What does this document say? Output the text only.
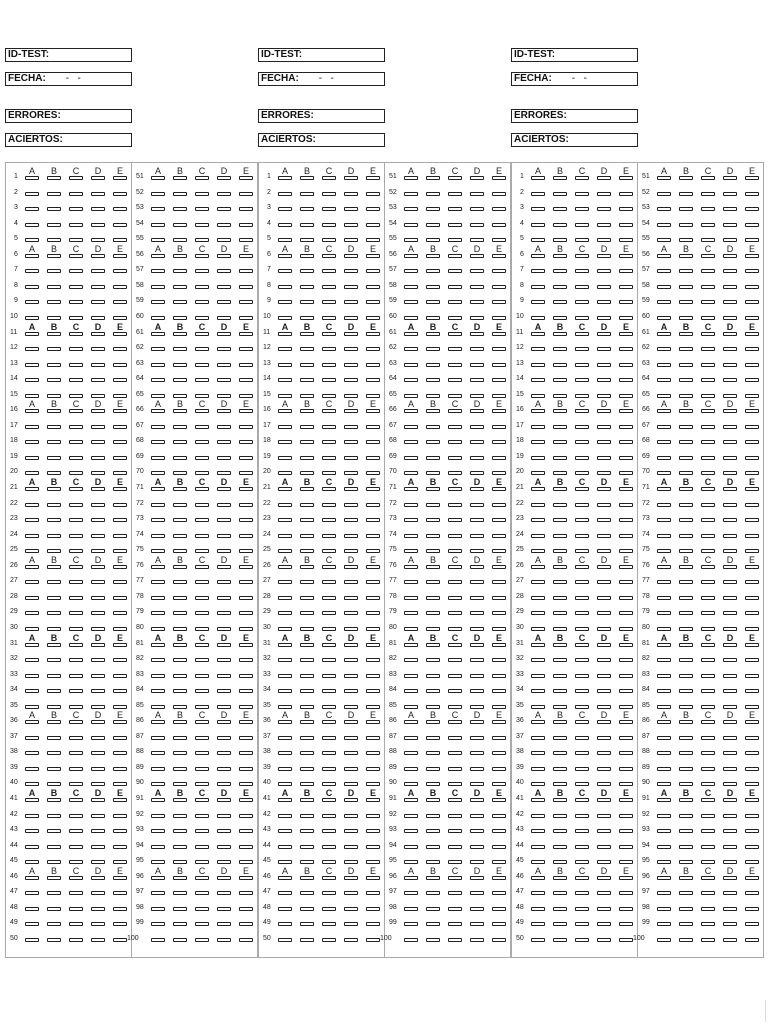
ID-TEST:
FECHA: -   -
ERRORES:
ACIERTOS:
ID-TEST:
FECHA: -   -
ERRORES:
ACIERTOS:
ID-TEST:
FECHA: -   -
ERRORES:
ACIERTOS:
A	B	C	D	E
1
2
3
4
5
A	B	C	D	E
6
7
8
9
10
A	B	C	D	E
11
12
13
14
15
A	B	C	D	E
16
17
18
19
20
A	B	C	D	E
21
22
23
24
25
A	B	C	D	E
26
27
28
29
30
A	B	C	D	E
31
32
33
34
35
A	B	C	D	E
36
37
38
39
40
A	B	C	D	E
41
42
43
44
45
A	B	C	D	E
46
47
48
49
50
A	B	C	D	E
51
52
53
54
55
A	B	C	D	E
56
57
58
59
60
A	B	C	D	E
61
62
63
64
65
A	B	C	D	E
66
67
68
69
70
A	B	C	D	E
71
72
73
74
75
A	B	C	D	E
76
77
78
79
80
A	B	C	D	E
81
82
83
84
85
A	B	C	D	E
86
87
88
89
90
A	B	C	D	E
91
92
93
94
95
A	B	C	D	E
96
97
98
99
100
A	B	C	D	E
1
2
3
4
5
A	B	C	D	E
6
7
8
9
10
A	B	C	D	E
11
12
13
14
15
A	B	C	D	E
16
17
18
19
20
A	B	C	D	E
21
22
23
24
25
A	B	C	D	E
26
27
28
29
30
A	B	C	D	E
31
32
33
34
35
A	B	C	D	E
36
37
38
39
40
A	B	C	D	E
41
42
43
44
45
A	B	C	D	E
46
47
48
49
50
A	B	C	D	E
51
52
53
54
55
A	B	C	D	E
56
57
58
59
60
A	B	C	D	E
61
62
63
64
65
A	B	C	D	E
66
67
68
69
70
A	B	C	D	E
71
72
73
74
75
A	B	C	D	E
76
77
78
79
80
A	B	C	D	E
81
82
83
84
85
A	B	C	D	E
86
87
88
89
90
A	B	C	D	E
91
92
93
94
95
A	B	C	D	E
96
97
98
99
100
A	B	C	D	E
1
2
3
4
5
A	B	C	D	E
6
7
8
9
10
A	B	C	D	E
11
12
13
14
15
A	B	C	D	E
16
17
18
19
20
A	B	C	D	E
21
22
23
24
25
A	B	C	D	E
26
27
28
29
30
A	B	C	D	E
31
32
33
34
35
A	B	C	D	E
36
37
38
39
40
A	B	C	D	E
41
42
43
44
45
A	B	C	D	E
46
47
48
49
50
A	B	C	D	E
51
52
53
54
55
A	B	C	D	E
56
57
58
59
60
A	B	C	D	E
61
62
63
64
65
A	B	C	D	E
66
67
68
69
70
A	B	C	D	E
71
72
73
74
75
A	B	C	D	E
76
77
78
79
80
A	B	C	D	E
81
82
83
84
85
A	B	C	D	E
86
87
88
89
90
A	B	C	D	E
91
92
93
94
95
A	B	C	D	E
96
97
98
99
100
